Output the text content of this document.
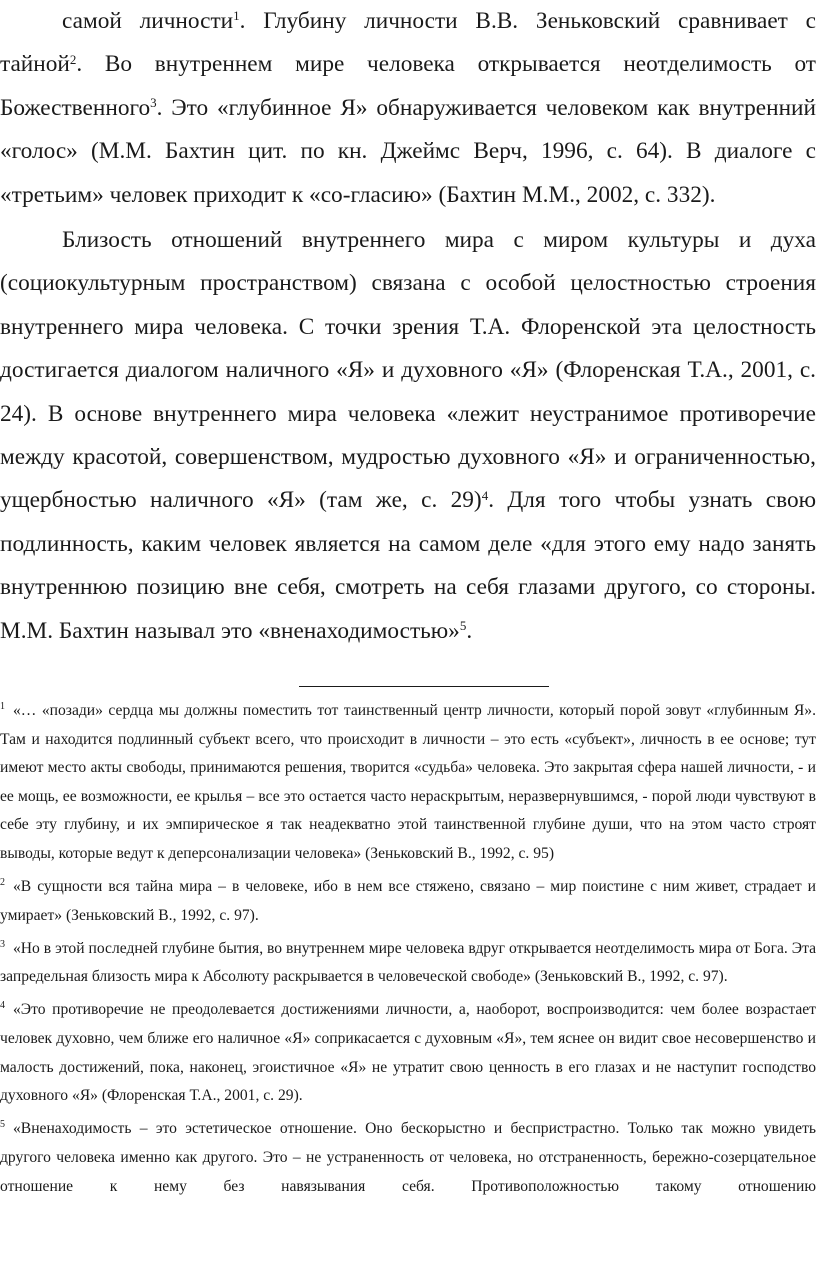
самой личности$^1$. Глубину личности В.В. Зеньковский сравнивает с тайной$^2$. Во внутреннем мире человека открывается неотделимость от Божественного$^3$. Это «глубинное Я» обнаруживается человеком как внутренний «голос» (М.М. Бахтин цит. по кн. Джеймс Верч, 1996, с. 64). В диалоге с «третьим» человек приходит к «со-гласию» (Бахтин М.М., 2002, с. 332).

Близость отношений внутреннего мира с миром культуры и духа (социокультурным пространством) связана с особой целостностью строения внутреннего мира человека. С точки зрения Т.А. Флоренской эта целостность достигается диалогом наличного «Я» и духовного «Я» (Флоренская Т.А., 2001, с. 24). В основе внутреннего мира человека «лежит неустранимое противоречие между красотой, совершенством, мудростью духовного «Я» и ограниченностью, ущербностью наличного «Я» (там же, с. 29)$^4$. Для того чтобы узнать свою подлинность, каким человек является на самом деле «для этого ему надо занять внутреннюю позицию вне себя, смотреть на себя глазами другого, со стороны. М.М. Бахтин называл это «вненаходимостью»$^5$.

$^1$ «… «позади» сердца мы должны поместить тот таинственный центр личности, который порой зовут «глубинным Я». Там и находится подлинный субъект всего, что происходит в личности – это есть «субъект», личность в ее основе; тут имеют место акты свободы, принимаются решения, творится «судьба» человека. Это закрытая сфера нашей личности, - и ее мощь, ее возможности, ее крылья – все это остается часто нераскрытым, неразвернувшимся, - порой люди чувствуют в себе эту глубину, и их эмпирическое я так неадекватно этой таинственной глубине души, что на этом часто строят выводы, которые ведут к деперсонализации человека» (Зеньковский В., 1992, с. 95)

$^2$ «В сущности вся тайна мира – в человеке, ибо в нем все стяжено, связано – мир поистине с ним живет, страдает и умирает» (Зеньковский В., 1992, с. 97).

$^3$ «Но в этой последней глубине бытия, во внутреннем мире человека вдруг открывается неотделимость мира от Бога. Эта запредельная близость мира к Абсолюту раскрывается в человеческой свободе» (Зеньковский В., 1992, с. 97).

$^4$ «Это противоречие не преодолевается достижениями личности, а, наоборот, воспроизводится: чем более возрастает человек духовно, чем ближе его наличное «Я» соприкасается с духовным «Я», тем яснее он видит свое несовершенство и малость достижений, пока, наконец, эгоистичное «Я» не утратит свою ценность в его глазах и не наступит господство духовного «Я» (Флоренская Т.А., 2001, с. 29).

$^5$ «Вненаходимость – это эстетическое отношение. Оно бескорыстно и беспристрастно. Только так можно увидеть другого человека именно как другого. Это – не устраненность от человека, но отстраненность, бережно-созерцательное отношение к нему без навязывания себя. Противоположностью такому отношению
